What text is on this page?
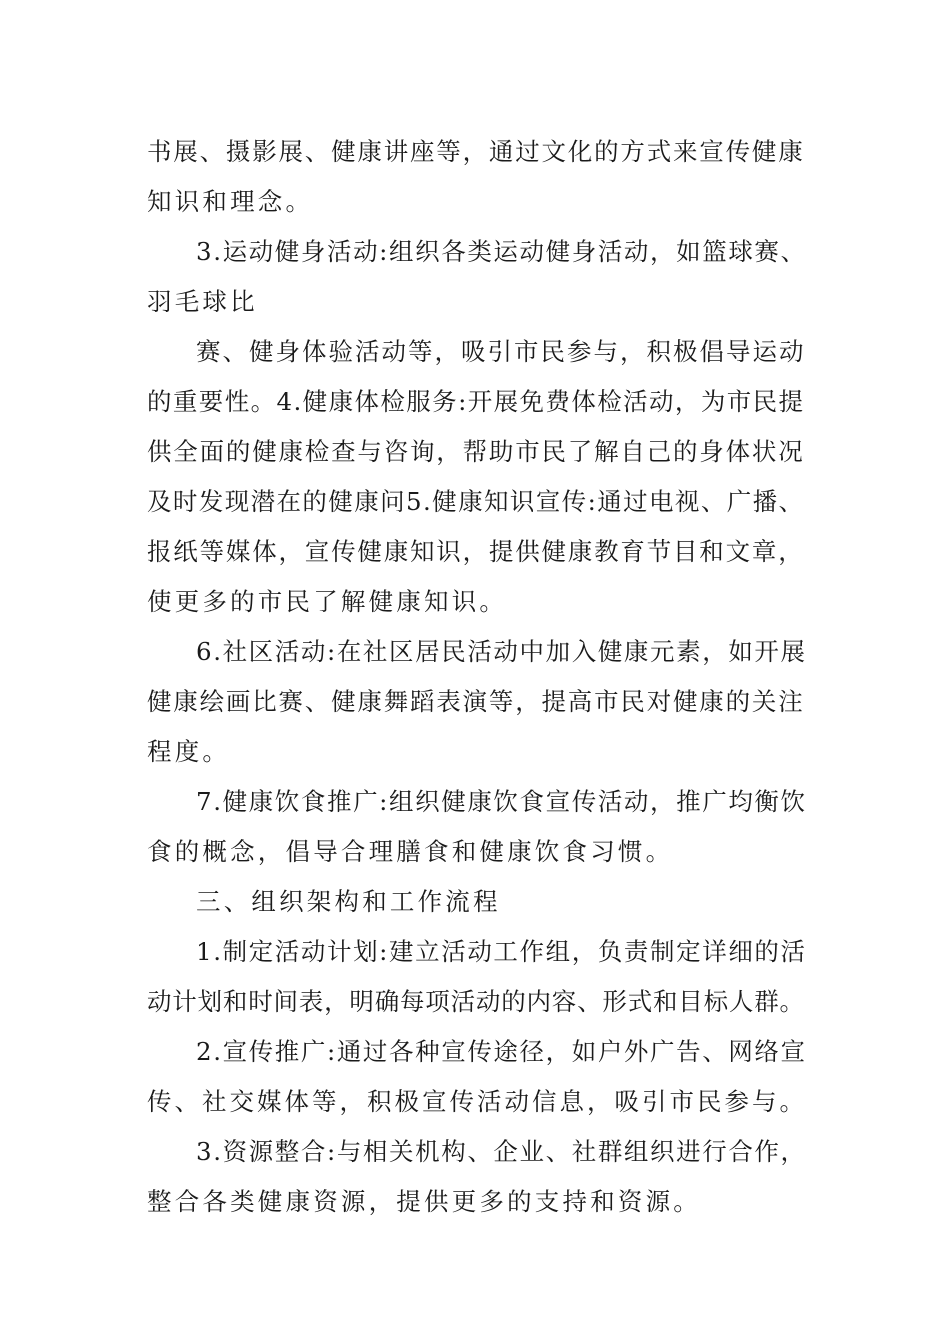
书展、摄影展、健康讲座等，通过文化的方式来宣传健康

知识和理念。

3.运动健身活动:组织各类运动健身活动，如篮球赛、

羽毛球比

赛、健身体验活动等，吸引市民参与，积极倡导运动

的重要性。4.健康体检服务:开展免费体检活动，为市民提

供全面的健康检查与咨询，帮助市民了解自己的身体状况

及时发现潜在的健康问5.健康知识宣传:通过电视、广播、

报纸等媒体，宣传健康知识，提供健康教育节目和文章，

使更多的市民了解健康知识。

6.社区活动:在社区居民活动中加入健康元素，如开展

健康绘画比赛、健康舞蹈表演等，提高市民对健康的关注

程度。

7.健康饮食推广:组织健康饮食宣传活动，推广均衡饮

食的概念，倡导合理膳食和健康饮食习惯。

三、组织架构和工作流程

1.制定活动计划:建立活动工作组，负责制定详细的活

动计划和时间表，明确每项活动的内容、形式和目标人群。

2.宣传推广:通过各种宣传途径，如户外广告、网络宣

传、社交媒体等，积极宣传活动信息，吸引市民参与。

3.资源整合:与相关机构、企业、社群组织进行合作，

整合各类健康资源，提供更多的支持和资源。
